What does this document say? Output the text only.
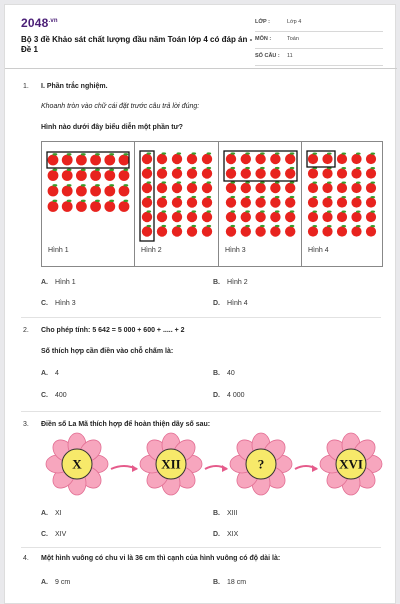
$2048^{.vn}$
Bộ 3 đề Khảo sát chất lượng đầu năm Toán lớp 4 có đáp án - Đề 1
LỚP :	Lớp 4
MÔN :	Toán
SỐ CÂU : 11
1. I. Phần trắc nghiệm.
Khoanh tròn vào chữ cái đặt trước câu trả lời đúng:
Hình nào dưới đây biểu diễn một phần tư?
Hình 1	Hình 2	Hình 3	Hình 4
A. Hình 1	B. Hình 2
C. Hình 3	D. Hình 4
2. Cho phép tính: 5 642 = 5 000 + 600 + ..... + 2
Số thích hợp cần điền vào chỗ chấm là:
A. 4	B. 40
C. 400	D. 4 000
3. Điền số La Mã thích hợp để hoàn thiện dãy số sau:
X	XII	?	XVI
A. XI	B. XIII
C. XIV	D. XIX
4. Một hình vuông có chu vi là 36 cm thì cạnh của hình vuông có độ dài là:
A. 9 cm	B. 18 cm
